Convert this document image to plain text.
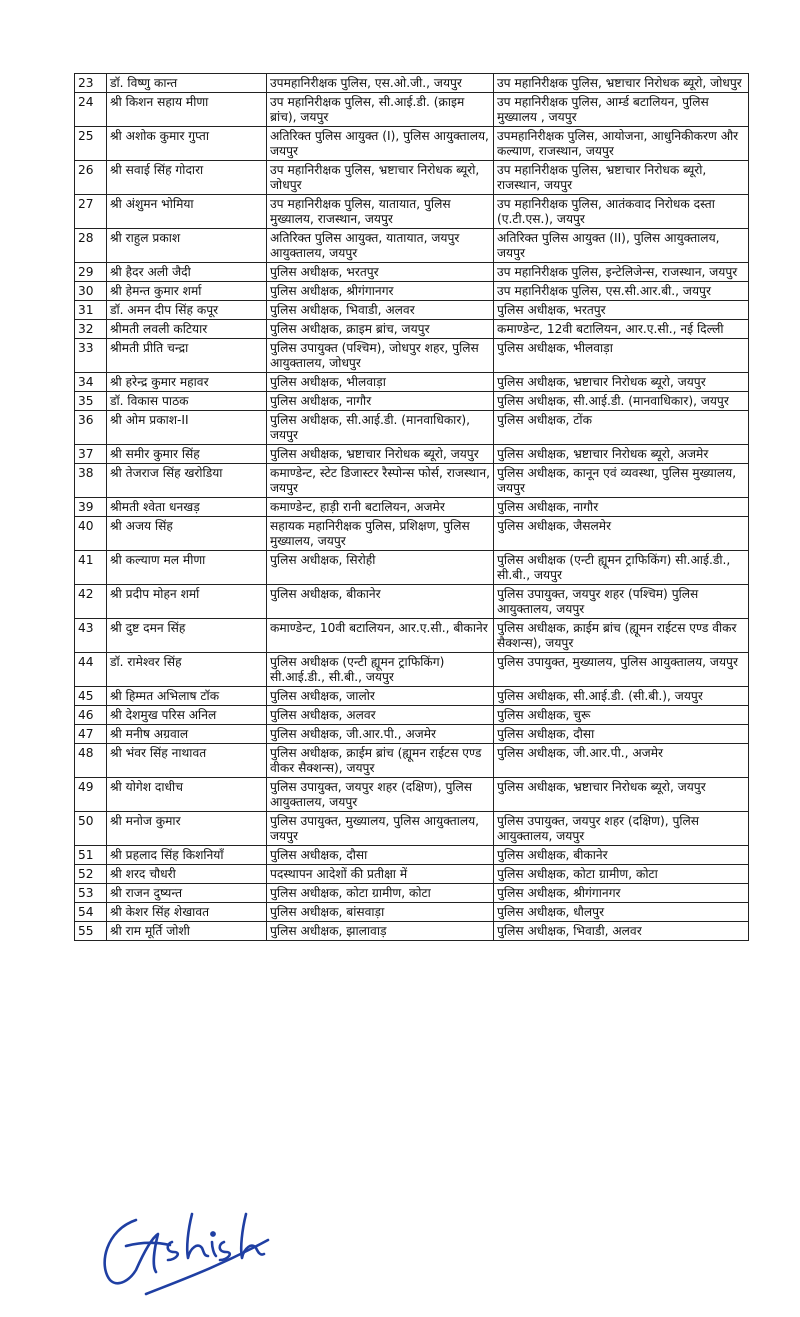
23	डॉ. विष्णु कान्त	उपमहानिरीक्षक पुलिस, एस.ओ.जी., जयपुर	उप महानिरीक्षक पुलिस, भ्रष्टाचार निरोधक ब्यूरो, जोधपुर
24	श्री किशन सहाय मीणा	उप महानिरीक्षक पुलिस, सी.आई.डी. (क्राइम ब्रांच), जयपुर	उप महानिरीक्षक पुलिस, आर्म्ड बटालियन, पुलिस मुख्यालय , जयपुर
25	श्री अशोक कुमार गुप्ता	अतिरिक्त पुलिस आयुक्त (I), पुलिस आयुक्तालय, जयपुर	उपमहानिरीक्षक पुलिस, आयोजना, आधुनिकीकरण और कल्याण, राजस्थान, जयपुर
26	श्री सवाई सिंह गोदारा	उप महानिरीक्षक पुलिस, भ्रष्टाचार निरोधक ब्यूरो, जोधपुर	उप महानिरीक्षक पुलिस, भ्रष्टाचार निरोधक ब्यूरो, राजस्थान, जयपुर
27	श्री अंशुमन भोमिया	उप महानिरीक्षक पुलिस, यातायात, पुलिस मुख्यालय, राजस्थान, जयपुर	उप महानिरीक्षक पुलिस, आतंकवाद निरोधक दस्ता (ए.टी.एस.), जयपुर
28	श्री राहुल प्रकाश	अतिरिक्त पुलिस आयुक्त, यातायात, जयपुर आयुक्तालय, जयपुर	अतिरिक्त पुलिस आयुक्त (II), पुलिस आयुक्तालय, जयपुर
29	श्री हैदर अली जैदी	पुलिस अधीक्षक, भरतपुर	उप महानिरीक्षक पुलिस, इन्टेलिजेन्स, राजस्थान, जयपुर
30	श्री हेमन्त कुमार शर्मा	पुलिस अधीक्षक, श्रीगंगानगर	उप महानिरीक्षक पुलिस, एस.सी.आर.बी., जयपुर
31	डॉ. अमन दीप सिंह कपूर	पुलिस अधीक्षक, भिवाडी, अलवर	पुलिस अधीक्षक, भरतपुर
32	श्रीमती लवली कटियार	पुलिस अधीक्षक, क्राइम ब्रांच, जयपुर	कमाण्डेन्ट, 12वी बटालियन, आर.ए.सी., नई दिल्ली
33	श्रीमती प्रीति चन्द्रा	पुलिस उपायुक्त (पश्चिम), जोधपुर शहर, पुलिस आयुक्तालय, जोधपुर	पुलिस अधीक्षक, भीलवाड़ा
34	श्री हरेन्द्र कुमार महावर	पुलिस अधीक्षक, भीलवाड़ा	पुलिस अधीक्षक, भ्रष्टाचार निरोधक ब्यूरो, जयपुर
35	डॉ. विकास पाठक	पुलिस अधीक्षक, नागौर	पुलिस अधीक्षक, सी.आई.डी. (मानवाधिकार), जयपुर
36	श्री ओम प्रकाश-II	पुलिस अधीक्षक, सी.आई.डी. (मानवाधिकार), जयपुर	पुलिस अधीक्षक, टोंक
37	श्री समीर कुमार सिंह	पुलिस अधीक्षक, भ्रष्टाचार निरोधक ब्यूरो, जयपुर	पुलिस अधीक्षक, भ्रष्टाचार निरोधक ब्यूरो, अजमेर
38	श्री तेजराज सिंह खरोडिया	कमाण्डेन्ट, स्टेट डिजास्टर रैस्पोन्स फोर्स, राजस्थान, जयपुर	पुलिस अधीक्षक, कानून एवं व्यवस्था, पुलिस मुख्यालय, जयपुर
39	श्रीमती श्वेता धनखड़	कमाण्डेन्ट, हाड़ी रानी बटालियन, अजमेर	पुलिस अधीक्षक, नागौर
40	श्री अजय सिंह	सहायक महानिरीक्षक पुलिस, प्रशिक्षण, पुलिस मुख्यालय, जयपुर	पुलिस अधीक्षक, जैसलमेर
41	श्री कल्याण मल मीणा	पुलिस अधीक्षक, सिरोही	पुलिस अधीक्षक (एन्टी ह्यूमन ट्राफिकिंग) सी.आई.डी., सी.बी., जयपुर
42	श्री प्रदीप मोहन शर्मा	पुलिस अधीक्षक, बीकानेर	पुलिस उपायुक्त, जयपुर शहर (पश्चिम) पुलिस आयुक्तालय, जयपुर
43	श्री दुष्ट दमन सिंह	कमाण्डेन्ट, 10वी बटालियन, आर.ए.सी., बीकानेर	पुलिस अधीक्षक, क्राईम ब्रांच (ह्यूमन राईटस एण्ड वीकर सैक्शन्स), जयपुर
44	डॉ. रामेश्वर सिंह	पुलिस अधीक्षक (एन्टी ह्यूमन ट्राफिकिंग) सी.आई.डी., सी.बी., जयपुर	पुलिस उपायुक्त, मुख्यालय, पुलिस आयुक्तालय, जयपुर
45	श्री हिम्मत अभिलाष टॉक	पुलिस अधीक्षक, जालोर	पुलिस अधीक्षक, सी.आई.डी. (सी.बी.), जयपुर
46	श्री देशमुख परिस अनिल	पुलिस अधीक्षक, अलवर	पुलिस अधीक्षक, चुरू
47	श्री मनीष अग्रवाल	पुलिस अधीक्षक, जी.आर.पी., अजमेर	पुलिस अधीक्षक, दौसा
48	श्री भंवर सिंह नाथावत	पुलिस अधीक्षक, क्राईम ब्रांच (ह्यूमन राईटस एण्ड वीकर सैक्शन्स), जयपुर	पुलिस अधीक्षक, जी.आर.पी., अजमेर
49	श्री योगेश दाधीच	पुलिस उपायुक्त, जयपुर शहर (दक्षिण), पुलिस आयुक्तालय, जयपुर	पुलिस अधीक्षक, भ्रष्टाचार निरोधक ब्यूरो, जयपुर
50	श्री मनोज कुमार	पुलिस उपायुक्त, मुख्यालय, पुलिस आयुक्तालय, जयपुर	पुलिस उपायुक्त, जयपुर शहर (दक्षिण), पुलिस आयुक्तालय, जयपुर
51	श्री प्रहलाद सिंह किशनियाँ	पुलिस अधीक्षक, दौसा	पुलिस अधीक्षक, बीकानेर
52	श्री शरद चौधरी	पदस्थापन आदेशों की प्रतीक्षा में	पुलिस अधीक्षक, कोटा ग्रामीण, कोटा
53	श्री राजन दुष्यन्त	पुलिस अधीक्षक, कोटा ग्रामीण, कोटा	पुलिस अधीक्षक, श्रीगंगानगर
54	श्री केशर सिंह शेखावत	पुलिस अधीक्षक, बांसवाड़ा	पुलिस अधीक्षक, धौलपुर
55	श्री राम मूर्ति जोशी	पुलिस अधीक्षक, झालावाड़	पुलिस अधीक्षक, भिवाडी, अलवर
